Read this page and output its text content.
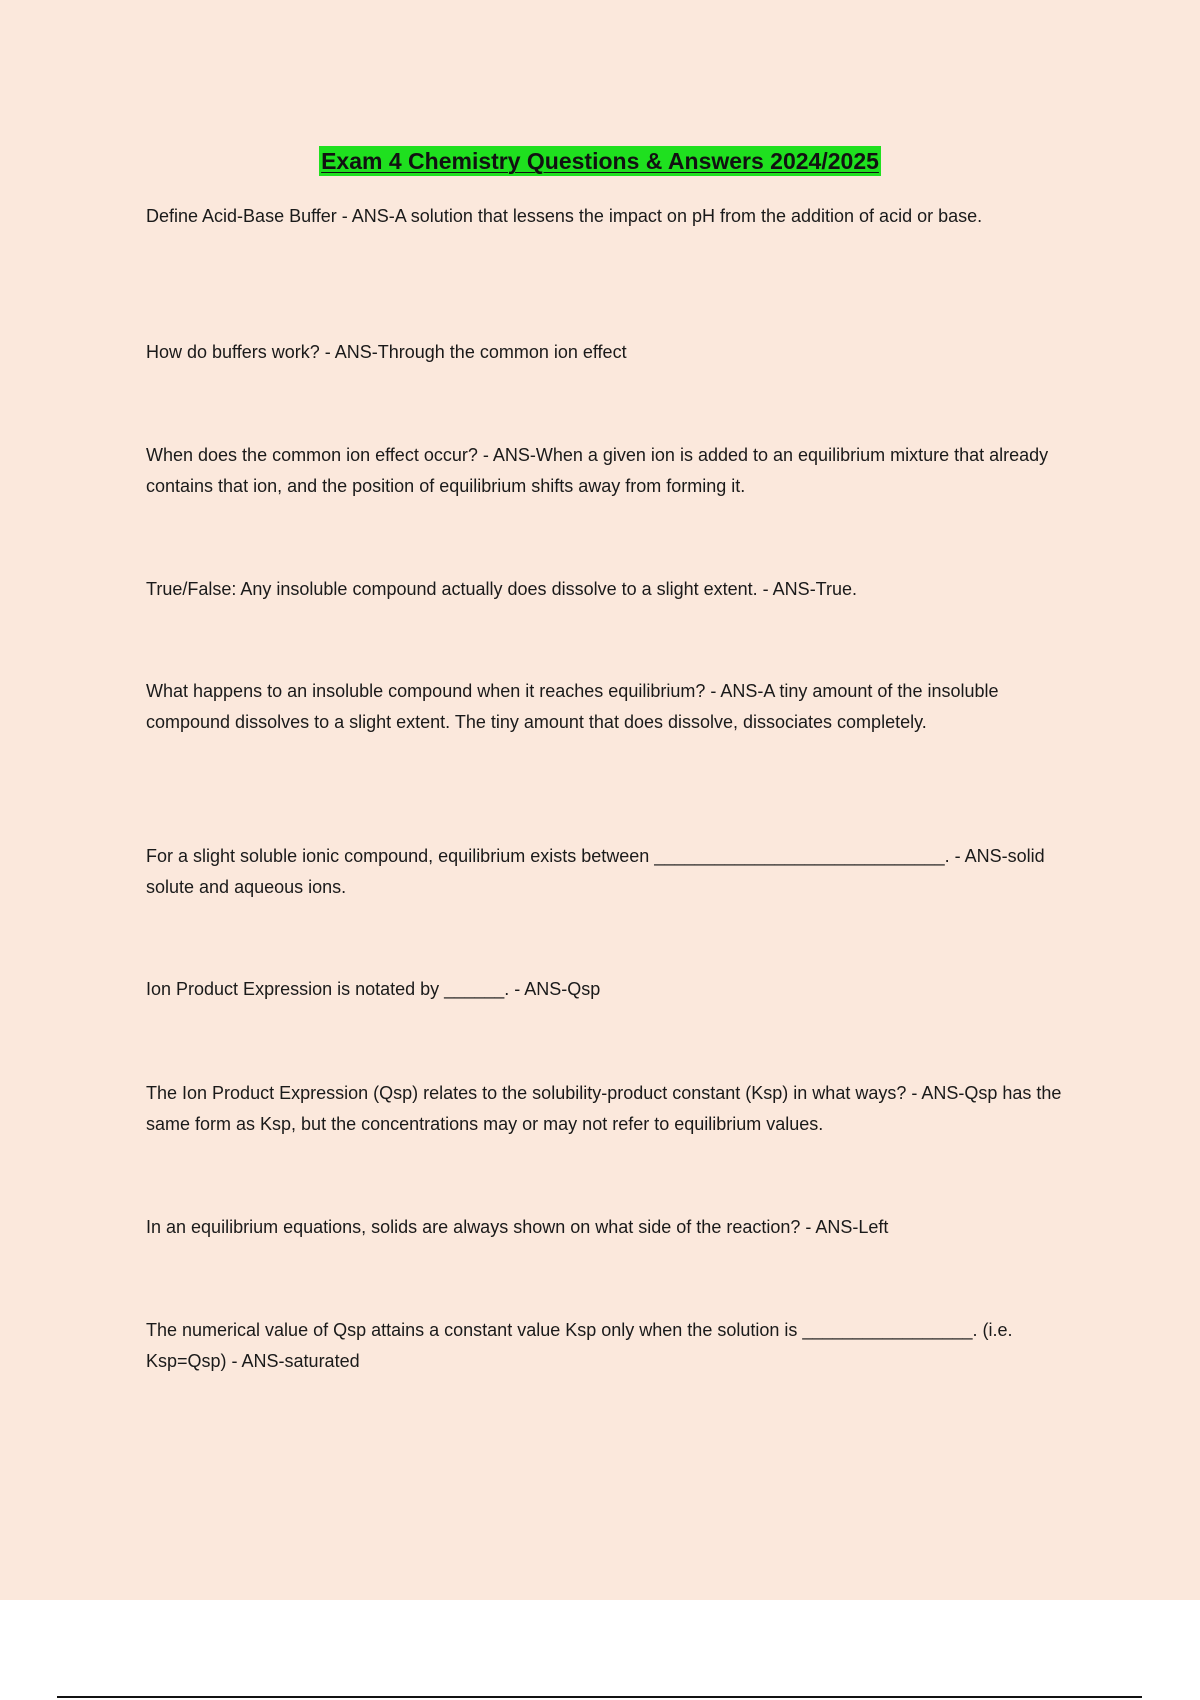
Exam 4 Chemistry Questions & Answers 2024/2025

Define Acid-Base Buffer - ANS-A solution that lessens the impact on pH from the addition of acid or base.

How do buffers work? - ANS-Through the common ion effect

When does the common ion effect occur? - ANS-When a given ion is added to an equilibrium mixture that already contains that ion, and the position of equilibrium shifts away from forming it.

True/False: Any insoluble compound actually does dissolve to a slight extent. - ANS-True.

What happens to an insoluble compound when it reaches equilibrium? - ANS-A tiny amount of the insoluble compound dissolves to a slight extent. The tiny amount that does dissolve, dissociates completely.

For a slight soluble ionic compound, equilibrium exists between _____________________________. - ANS-solid solute and aqueous ions.

Ion Product Expression is notated by ______. - ANS-Qsp

The Ion Product Expression (Qsp) relates to the solubility-product constant (Ksp) in what ways? - ANS-Qsp has the same form as Ksp, but the concentrations may or may not refer to equilibrium values.

In an equilibrium equations, solids are always shown on what side of the reaction? - ANS-Left

The numerical value of Qsp attains a constant value Ksp only when the solution is _________________. (i.e. Ksp=Qsp) - ANS-saturated
